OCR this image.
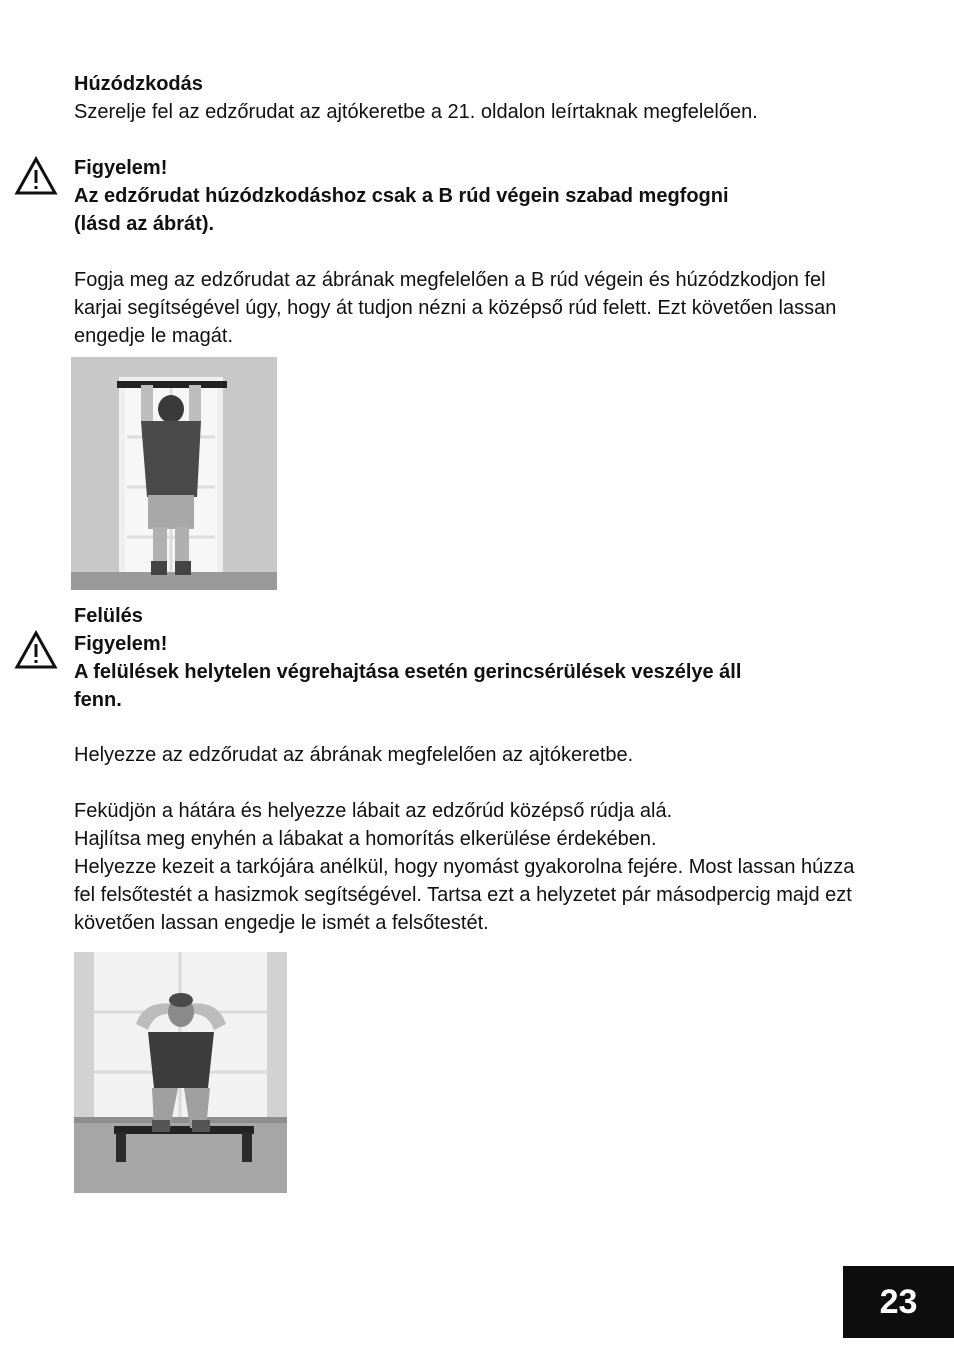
Húzódzkodás
Szerelje fel az edzőrudat az ajtókeretbe a 21. oldalon leírtaknak megfelelően.
Figyelem!
Az edzőrudat húzódzkodáshoz csak a B rúd végein szabad megfogni
(lásd az ábrát).
Fogja meg az edzőrudat az ábrának megfelelően a B rúd végein és húzódzkodjon fel
karjai segítségével úgy, hogy át tudjon nézni a középső rúd felett. Ezt követően lassan
engedje le magát.
Felülés
Figyelem!
A felülések helytelen végrehajtása esetén gerincsérülések veszélye áll
fenn.
Helyezze az edzőrudat az ábrának megfelelően az ajtókeretbe.
Feküdjön a hátára és helyezze lábait az edzőrúd középső rúdja alá.
Hajlítsa meg enyhén a lábakat a homorítás elkerülése érdekében.
Helyezze kezeit a tarkójára anélkül, hogy nyomást gyakorolna fejére. Most lassan húzza
fel felsőtestét a hasizmok segítségével. Tartsa ezt a helyzetet pár másodpercig majd ezt
követően lassan engedje le ismét a felsőtestét.
23
